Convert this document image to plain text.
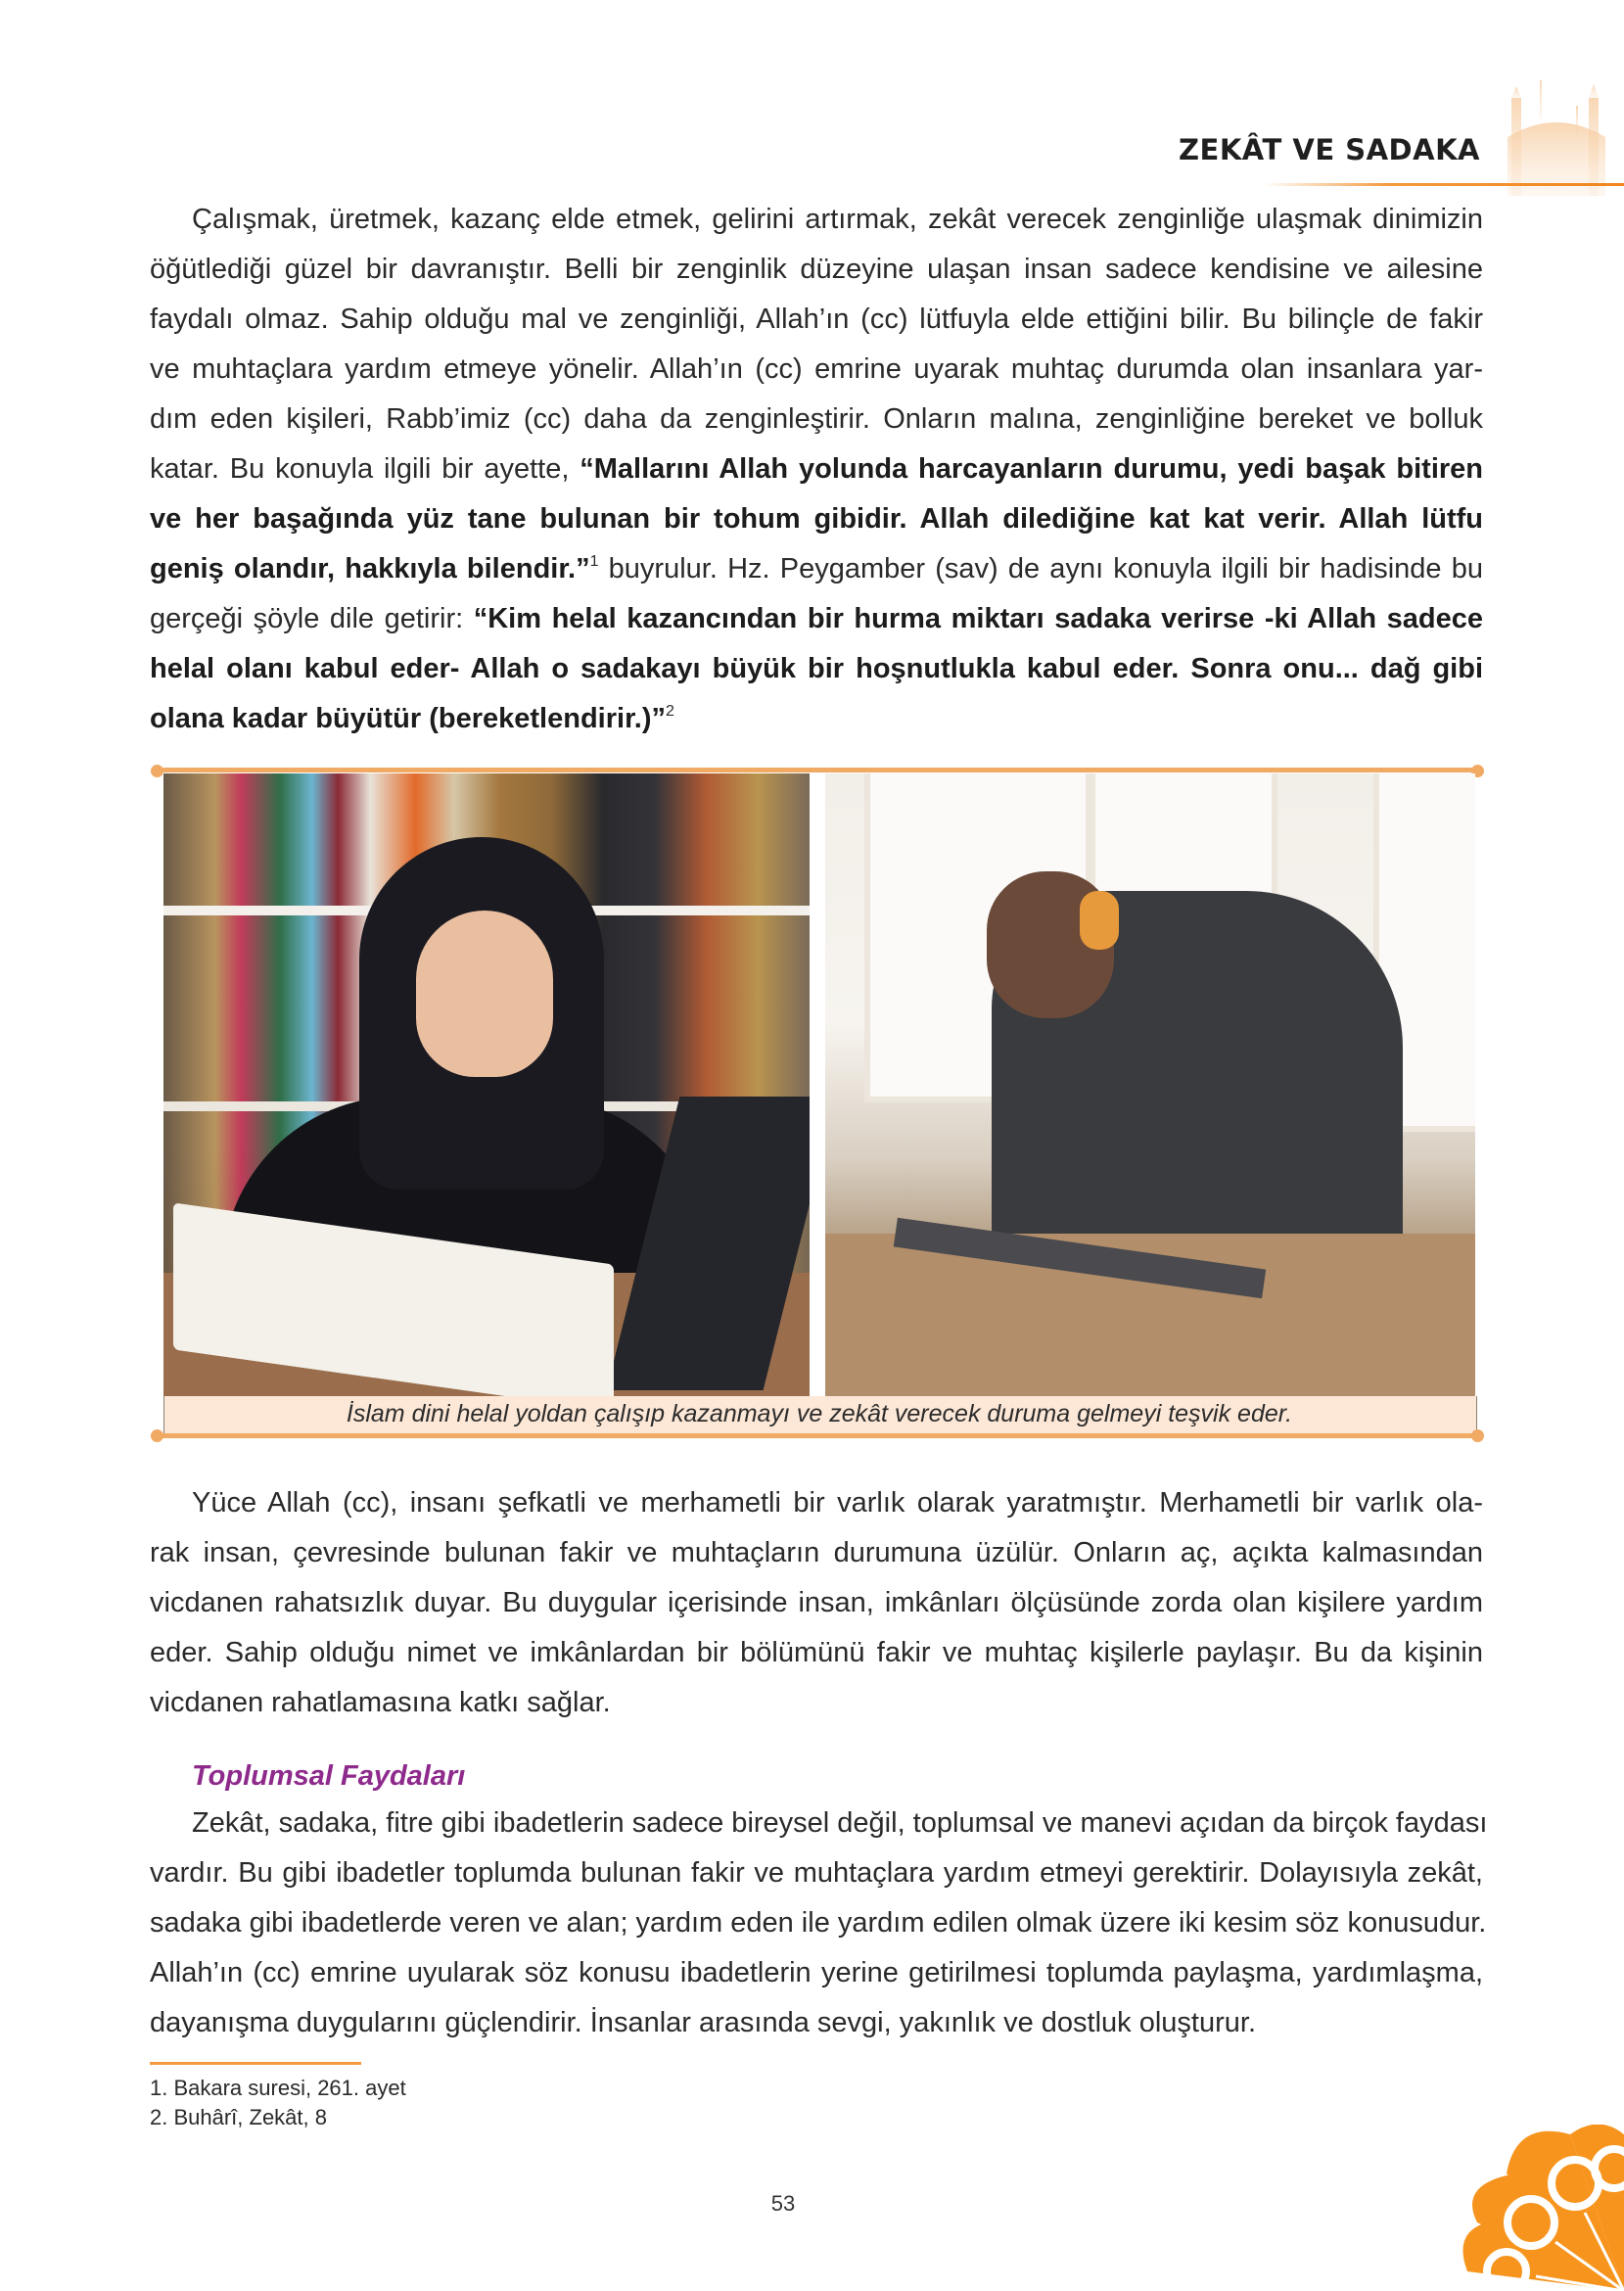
ZEKÂT VE SADAKA
Çalışmak, üretmek, kazanç elde etmek, gelirini artırmak, zekât verecek zenginliğe ulaşmak dinimizin
öğütlediği güzel bir davranıştır. Belli bir zenginlik düzeyine ulaşan insan sadece kendisine ve ailesine
faydalı olmaz. Sahip olduğu mal ve zenginliği, Allah’ın (cc) lütfuyla elde ettiğini bilir. Bu bilinçle de fakir
ve muhtaçlara yardım etmeye yönelir. Allah’ın (cc) emrine uyarak muhtaç durumda olan insanlara yar-
dım eden kişileri, Rabb’imiz (cc) daha da zenginleştirir. Onların malına, zenginliğine bereket ve bolluk
katar. Bu konuyla ilgili bir ayette, “Mallarını Allah yolunda harcayanların durumu, yedi başak bitiren
ve her başağında yüz tane bulunan bir tohum gibidir. Allah dilediğine kat kat verir. Allah lütfu
geniş olandır, hakkıyla bilendir.”$^1$ buyrulur. Hz. Peygamber (sav) de aynı konuyla ilgili bir hadisinde bu
gerçeği şöyle dile getirir: “Kim helal kazancından bir hurma miktarı sadaka verirse -ki Allah sadece
helal olanı kabul eder- Allah o sadakayı büyük bir hoşnutlukla kabul eder. Sonra onu... dağ gibi
olana kadar büyütür (bereketlendirir.)”$^2$
İslam dini helal yoldan çalışıp kazanmayı ve zekât verecek duruma gelmeyi teşvik eder.
Yüce Allah (cc), insanı şefkatli ve merhametli bir varlık olarak yaratmıştır. Merhametli bir varlık ola-
rak insan, çevresinde bulunan fakir ve muhtaçların durumuna üzülür. Onların aç, açıkta kalmasından
vicdanen rahatsızlık duyar. Bu duygular içerisinde insan, imkânları ölçüsünde zorda olan kişilere yardım
eder. Sahip olduğu nimet ve imkânlardan bir bölümünü fakir ve muhtaç kişilerle paylaşır. Bu da kişinin
vicdanen rahatlamasına katkı sağlar.
Toplumsal Faydaları
Zekât, sadaka, fitre gibi ibadetlerin sadece bireysel değil, toplumsal ve manevi açıdan da birçok faydası
vardır. Bu gibi ibadetler toplumda bulunan fakir ve muhtaçlara yardım etmeyi gerektirir. Dolayısıyla zekât,
sadaka gibi ibadetlerde veren ve alan; yardım eden ile yardım edilen olmak üzere iki kesim söz konusudur.
Allah’ın (cc) emrine uyularak söz konusu ibadetlerin yerine getirilmesi toplumda paylaşma, yardımlaşma,
dayanışma duygularını güçlendirir. İnsanlar arasında sevgi, yakınlık ve dostluk oluşturur.
1. Bakara suresi, 261. ayet
2. Buhârî, Zekât, 8
53
